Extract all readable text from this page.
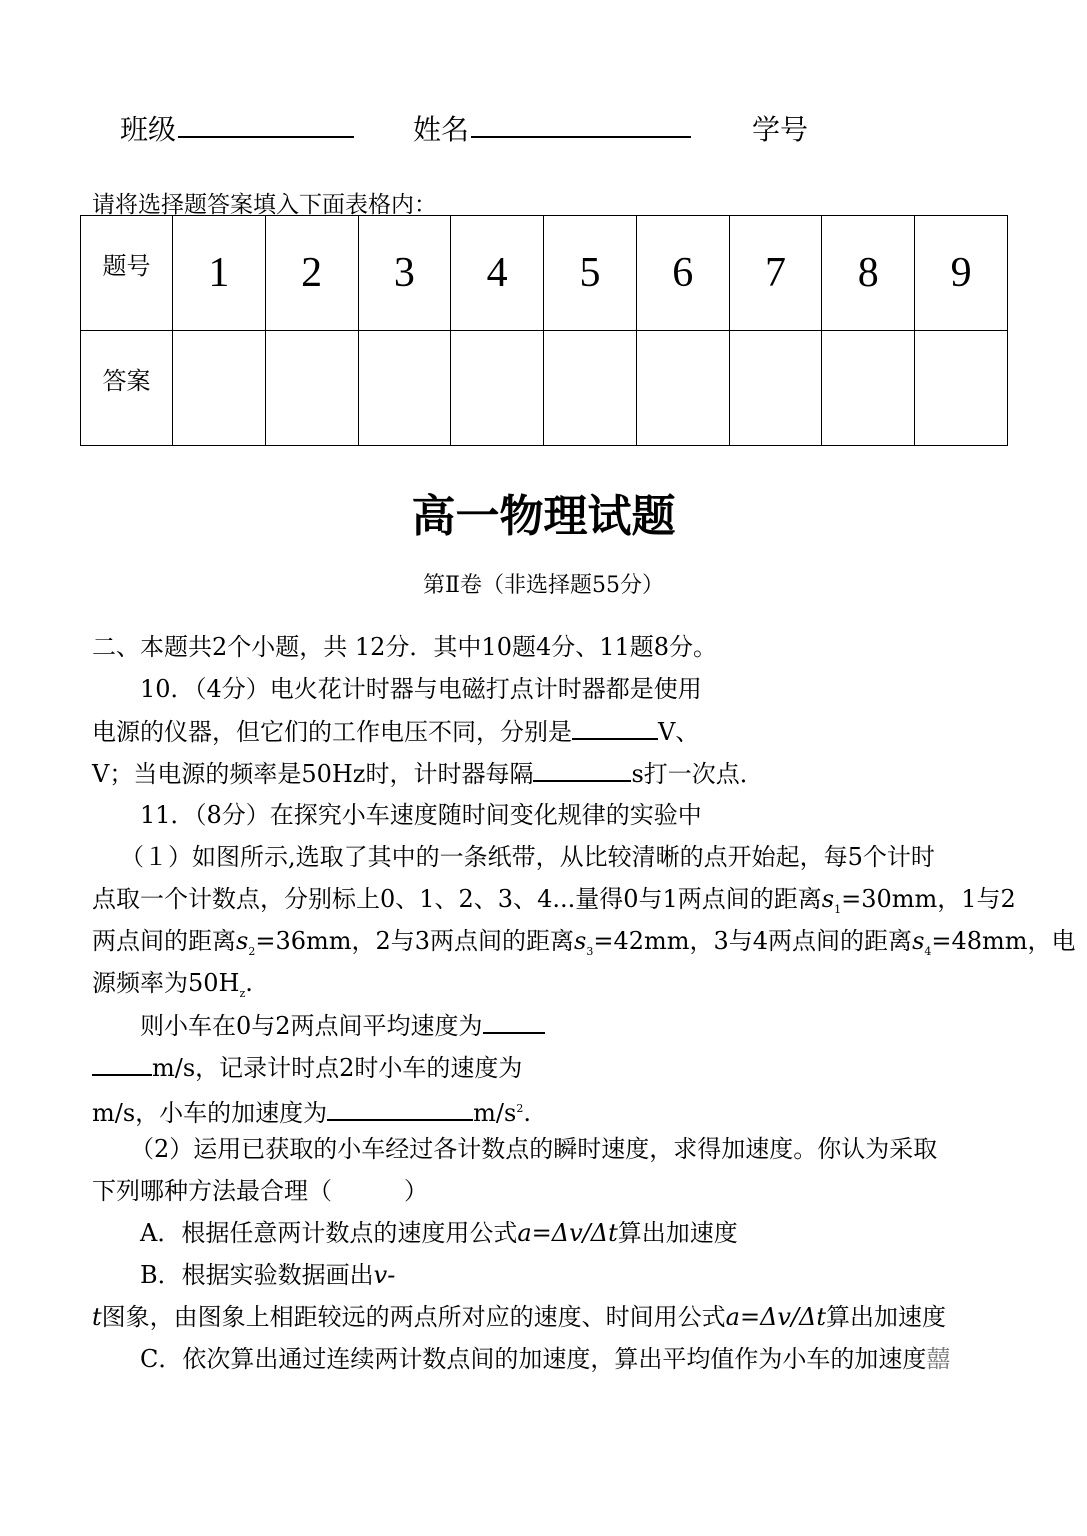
班级	姓名	学号
请将选择题答案填入下面表格内：
题号	1	2	3	4	5	6	7	8	9
答案									
高一物理试题
第Ⅱ卷（非选择题55分）
二、本题共2个小题，共 12分．其中10题4分、11题8分。
10．（4分）电火花计时器与电磁打点计时器都是使用
电源的仪器，但它们的工作电压不同，分别是	V、
V；当电源的频率是50Hz时，计时器每隔	s打一次点．
11．（8分）在探究小车速度随时间变化规律的实验中
（１）如图所示,选取了其中的一条纸带，从比较清晰的点开始起，每5个计时
点取一个计数点，分别标上0、1、2、3、4...量得0与1两点间的距离$s_1=30mm$，1与2
两点间的距离$s_2=36mm$，2与3两点间的距离$s_3=42mm$，3与4两点间的距离$s_4=48mm$，电
源频率为$50H_z$.
则小车在0与2两点间平均速度为
m/s，记录计时点2时小车的速度为
m/s，小车的加速度为	$m/s^2$.
（2）运用已获取的小车经过各计数点的瞬时速度，求得加速度。你认为采取
下列哪种方法最合理（　　　）
A．根据任意两计数点的速度用公式a=Δv/Δt算出加速度
B．根据实验数据画出v-
t图象，由图象上相距较远的两点所对应的速度、时间用公式a=Δv/Δt算出加速度
C．依次算出通过连续两计数点间的加速度，算出平均值作为小车的加速度囍
